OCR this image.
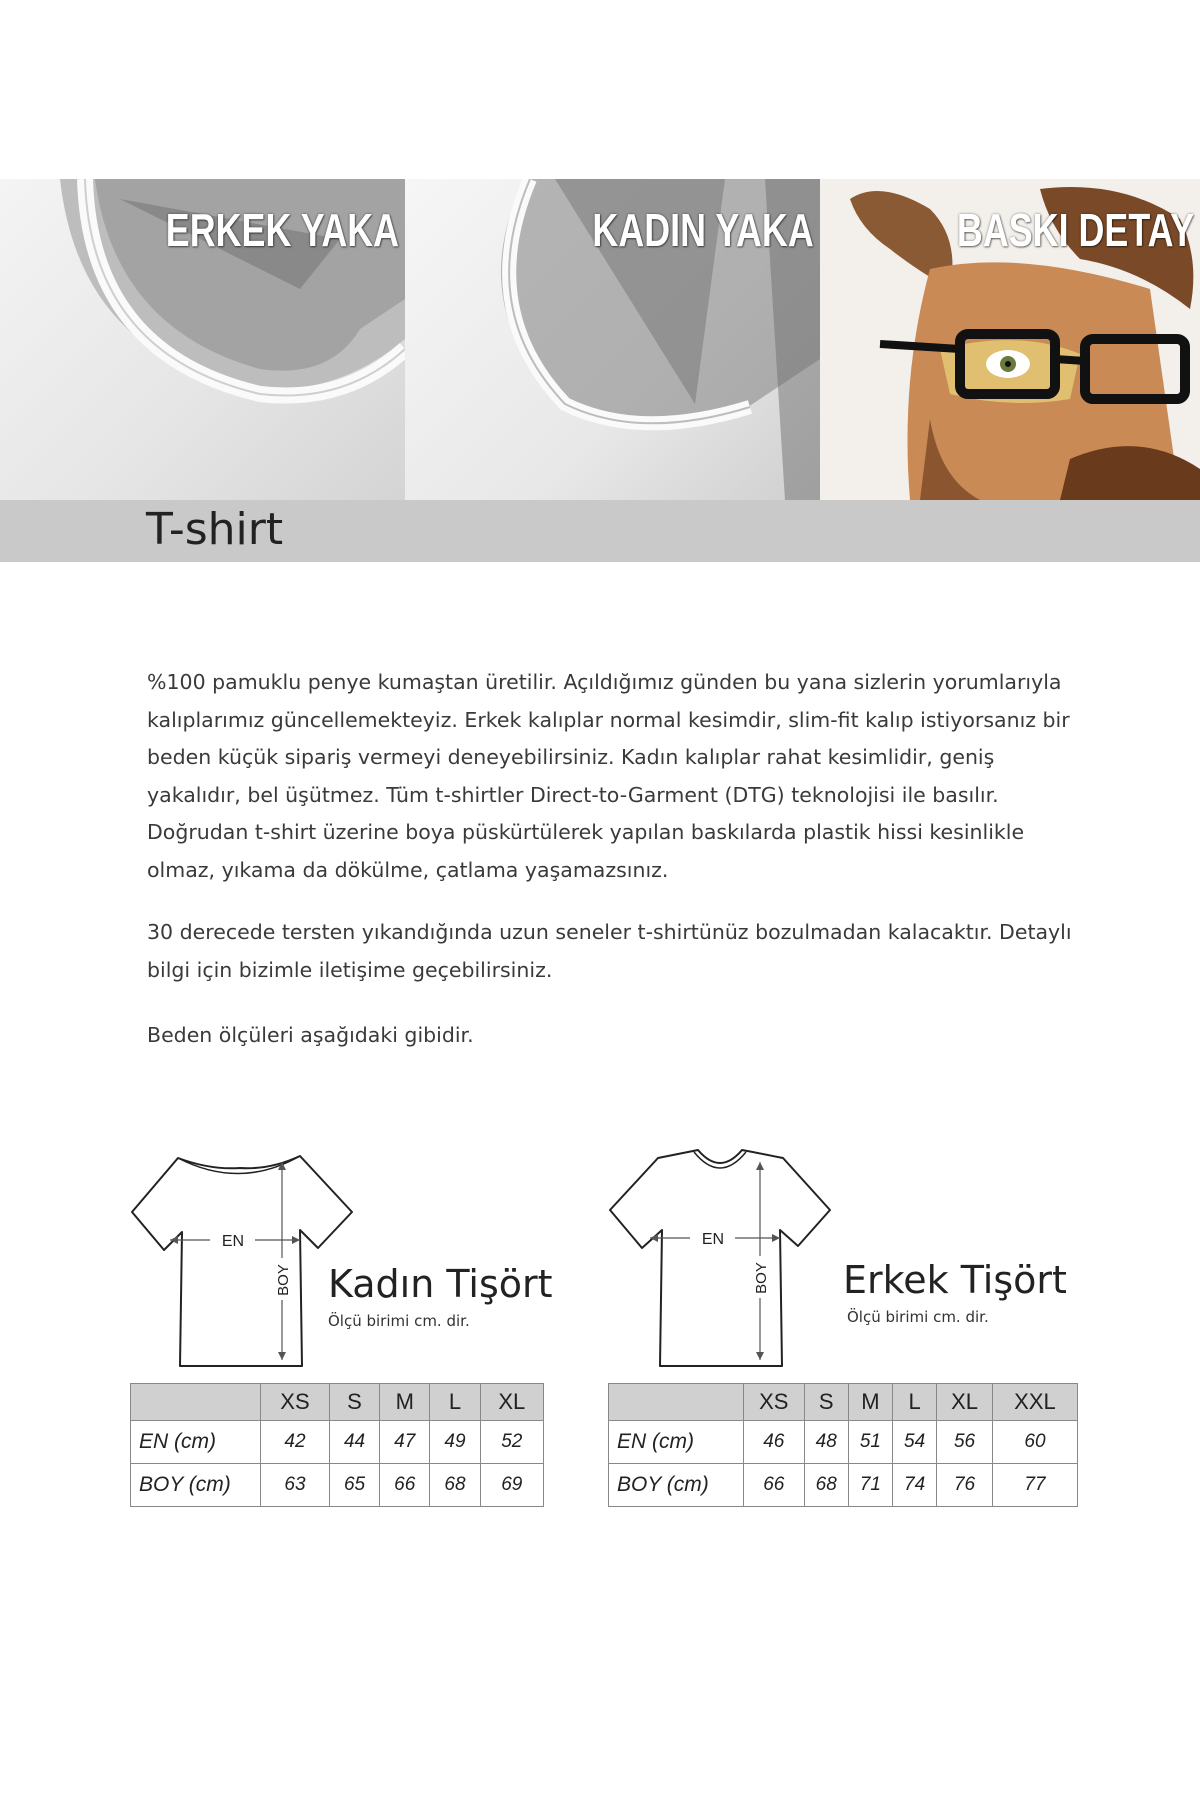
ERKEK YAKA	KADIN YAKA	BASKI DETAY
T-shirt

%100 pamuklu penye kumaştan üretilir. Açıldığımız günden bu yana sizlerin yorumlarıyla kalıplarımız güncellemekteyiz. Erkek kalıplar normal kesimdir, slim-fit kalıp istiyorsanız bir beden küçük sipariş vermeyi deneyebilirsiniz. Kadın kalıplar rahat kesimlidir, geniş yakalıdır, bel üşütmez. Tüm t-shirtler Direct-to-Garment (DTG) teknolojisi ile basılır. Doğrudan t-shirt üzerine boya püskürtülerek yapılan baskılarda plastik hissi kesinlikle olmaz, yıkama da dökülme, çatlama yaşamazsınız.

30 derecede tersten yıkandığında uzun seneler t-shirtünüz bozulmadan kalacaktır. Detaylı bilgi için bizimle iletişime geçebilirsiniz.

Beden ölçüleri aşağıdaki gibidir.

EN
BOY Kadın Tişört
Ölçü birimi cm. dir.
	XS	S	M	L	XL
EN (cm)	42	44	47	49	52
BOY (cm)	63	65	66	68	69
EN
BOY Erkek Tişört
Ölçü birimi cm. dir.
	XS	S	M	L	XL	XXL
EN (cm)	46	48	51	54	56	60
BOY (cm)	66	68	71	74	76	77
